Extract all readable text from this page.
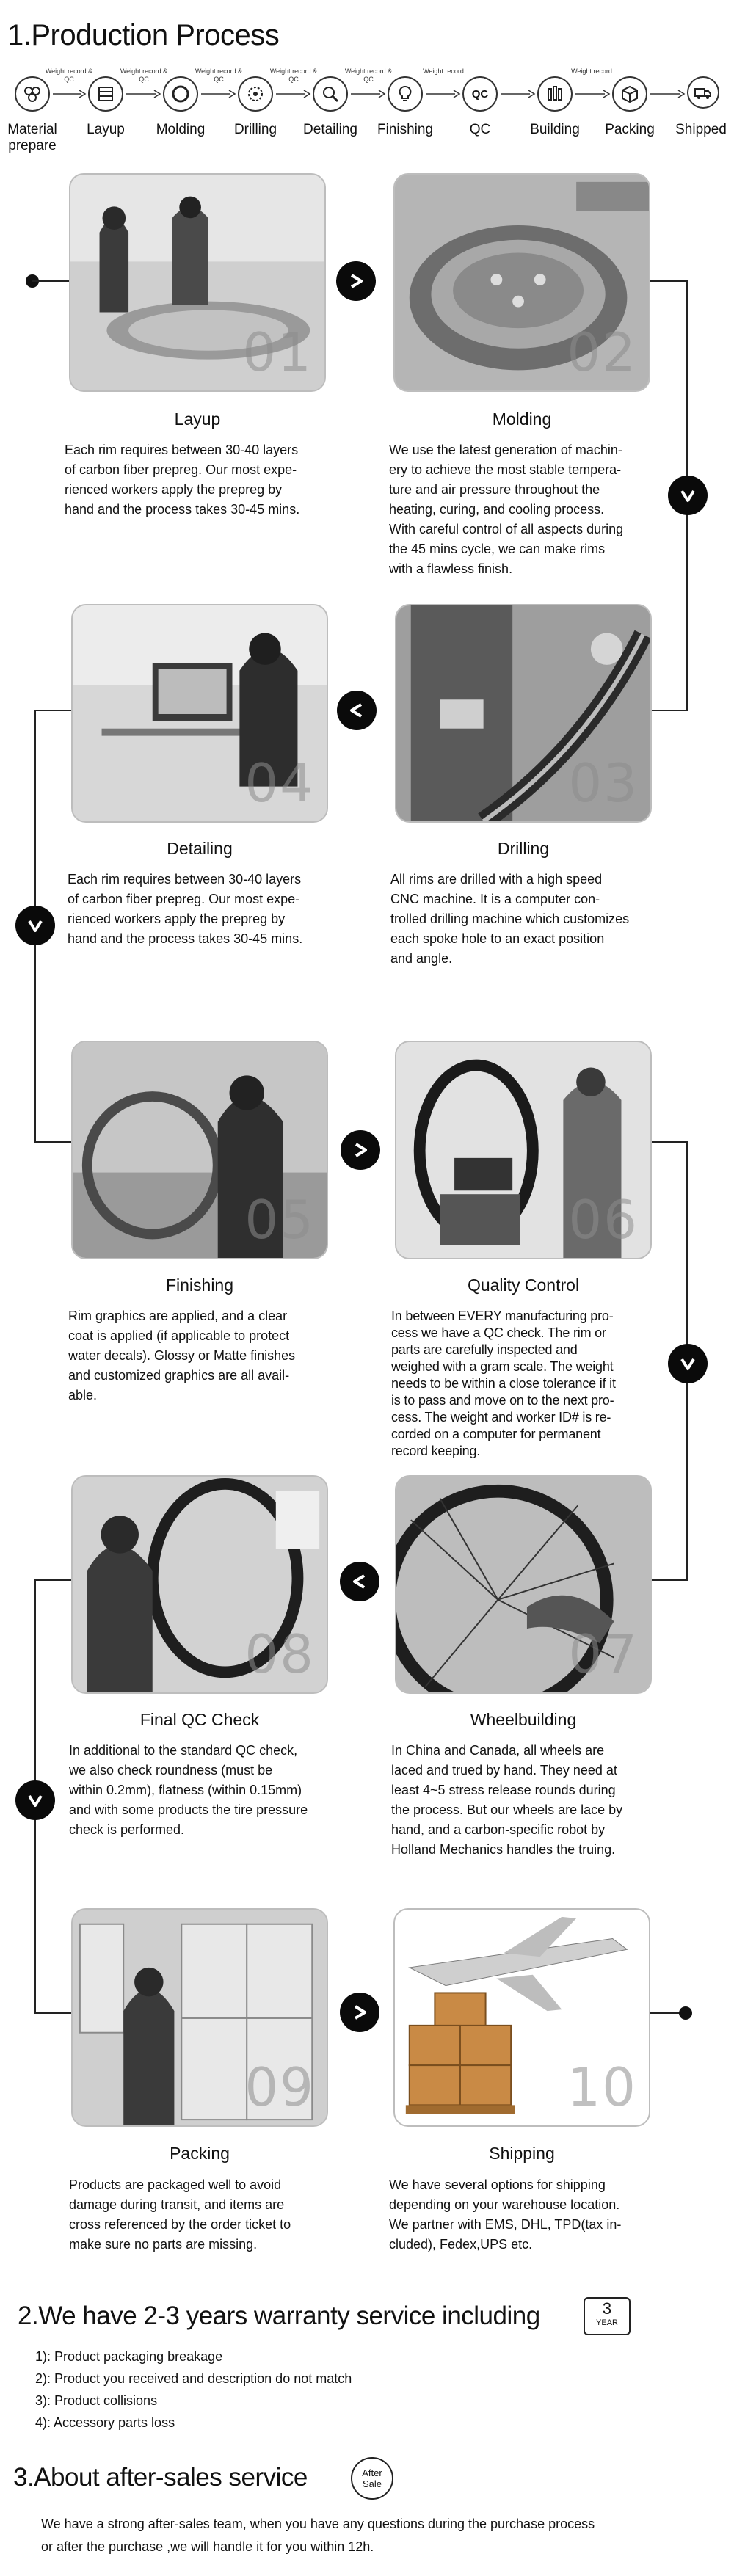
1.Production Process
QC
Weight record & QC
Weight record & QC
Weight record & QC
Weight record & QC
Weight record & QC
Weight record	Weight record
Material prepare
Layup	Molding	Drilling	Detailing	Finishing	QC	Building	Packing	Shipped
01	02
Layup
Each rim requires between 30-40 layers
of carbon fiber prepreg. Our most expe-
rienced workers apply the prepreg by
hand and the process takes 30-45 mins.
Molding
We use the latest generation of machin-
ery to achieve the most stable tempera-
ture and air pressure throughout the
heating, curing, and cooling process.
With careful control of all aspects during
the 45 mins cycle, we can make rims
with a flawless finish.
04	03
Detailing
Each rim requires between 30-40 layers
of carbon fiber prepreg. Our most expe-
rienced workers apply the prepreg by
hand and the process takes 30-45 mins.
Drilling
All rims are drilled with a high speed
CNC machine. It is a computer con-
trolled drilling machine which customizes
each spoke hole to an exact position
and angle.
05	06
Finishing
Rim graphics are applied, and a clear
coat is applied (if applicable to protect
water decals). Glossy or Matte finishes
and customized graphics are all avail-
able.
Quality Control
In between EVERY manufacturing pro-
cess we have a QC check. The rim or
parts are carefully inspected and
weighed with a gram scale. The weight
needs to be within a close tolerance if it
is to pass and move on to the next pro-
cess. The weight and worker ID# is re-
corded on a computer for permanent
record keeping.
08	07
Final QC Check
In additional to the standard QC check,
we also check roundness (must be
within 0.2mm), flatness (within 0.15mm)
and with some products the tire pressure
check is performed.
Wheelbuilding
In China and Canada, all wheels are
laced and trued by hand. They need at
least 4~5 stress release rounds during
the process. But our wheels are lace by
hand, and a carbon-specific robot by
Holland Mechanics handles the truing.
09	10
Packing
Products are packaged well to avoid
damage during transit, and items are
cross referenced by the order ticket to
make sure no parts are missing.
Shipping
We have several options for shipping
depending on your warehouse location.
We partner with EMS, DHL, TPD(tax in-
cluded), Fedex,UPS etc.
2.We have 2-3 years warranty service including	3
YEAR
1): Product packaging breakage
2): Product you received and description do not match
3): Product collisions
4): Accessory parts loss
3.About after-sales service	After
Sale
We have a strong after-sales team, when you have any questions during the purchase process
or after the purchase ,we will handle it for you within 12h.
